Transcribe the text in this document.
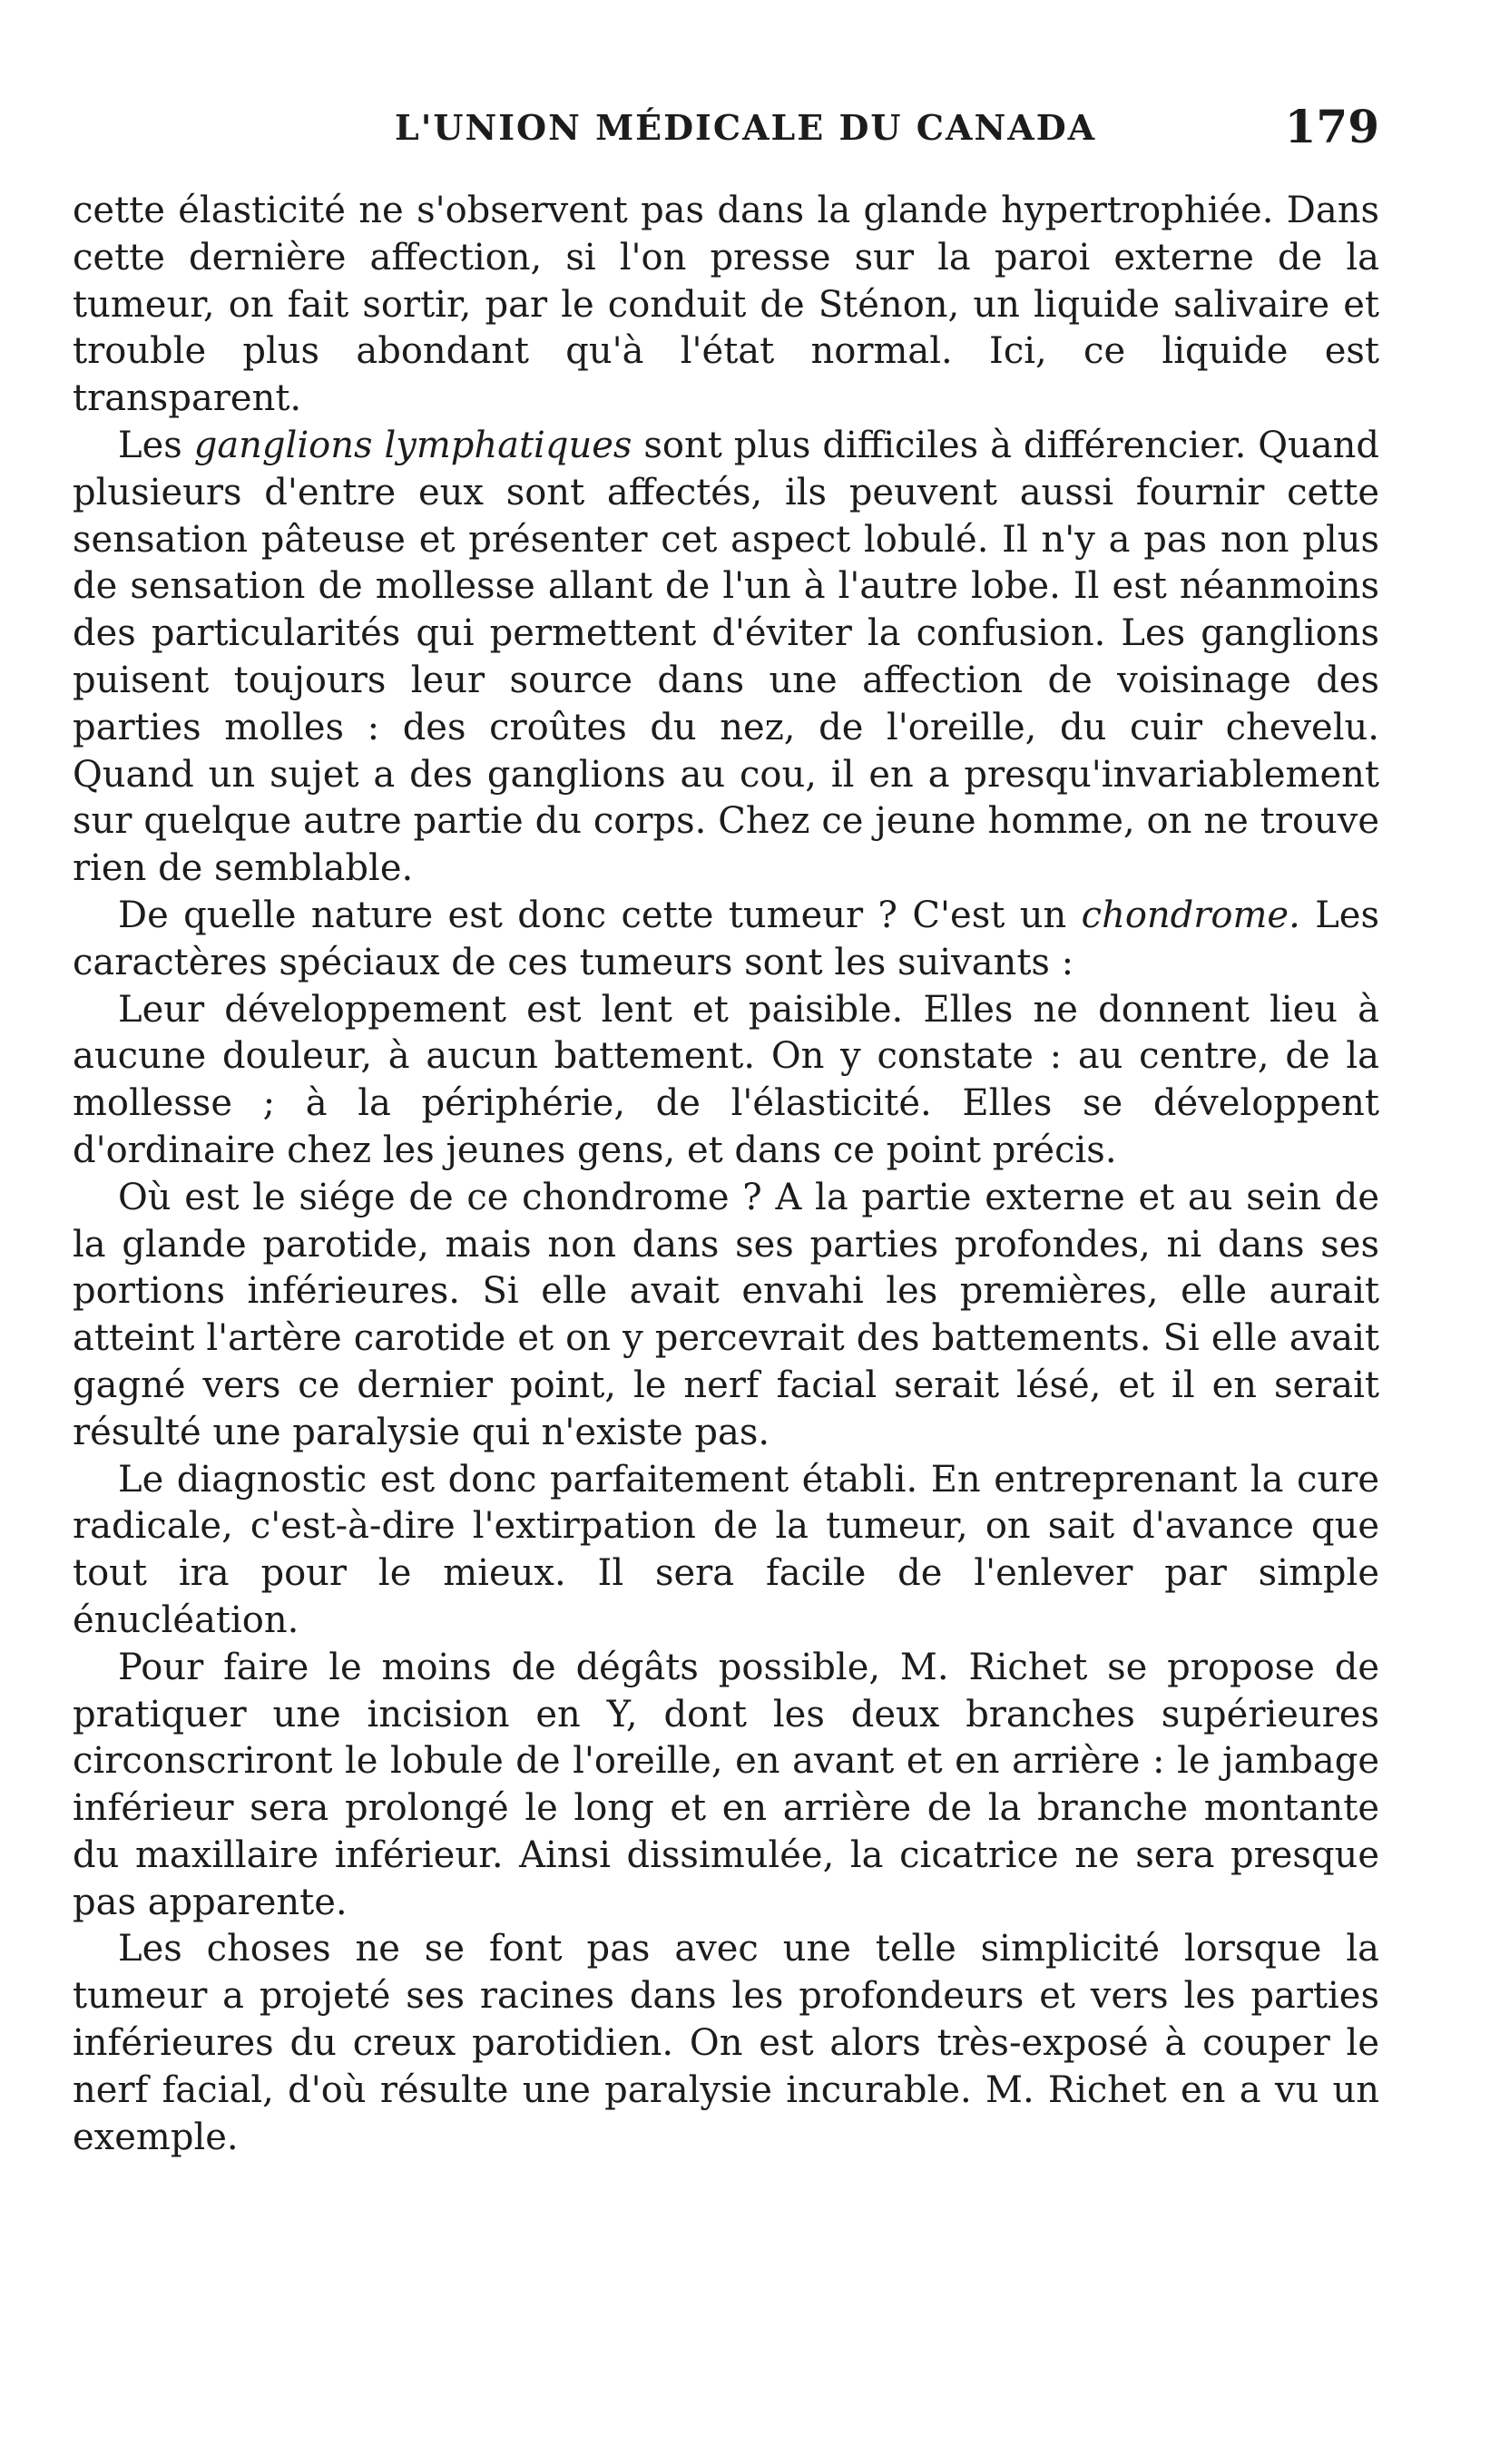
L'UNION MÉDICALE DU CANADA	179

cette élasticité ne s'observent pas dans la glande hypertrophiée. Dans cette dernière affection, si l'on presse sur la paroi externe de la tumeur, on fait sortir, par le conduit de Sténon, un liquide salivaire et trouble plus abondant qu'à l'état normal. Ici, ce liquide est transparent.

Les ganglions lymphatiques sont plus difficiles à différencier. Quand plusieurs d'entre eux sont affectés, ils peuvent aussi fournir cette sensation pâteuse et présenter cet aspect lobulé. Il n'y a pas non plus de sensation de mollesse allant de l'un à l'autre lobe. Il est néanmoins des particularités qui permettent d'éviter la confusion. Les ganglions puisent toujours leur source dans une affection de voisinage des parties molles : des croûtes du nez, de l'oreille, du cuir chevelu. Quand un sujet a des ganglions au cou, il en a presqu'invariablement sur quelque autre partie du corps. Chez ce jeune homme, on ne trouve rien de semblable.

De quelle nature est donc cette tumeur ? C'est un chondrome. Les caractères spéciaux de ces tumeurs sont les suivants :

Leur développement est lent et paisible. Elles ne donnent lieu à aucune douleur, à aucun battement. On y constate : au centre, de la mollesse ; à la périphérie, de l'élasticité. Elles se développent d'ordinaire chez les jeunes gens, et dans ce point précis.

Où est le siége de ce chondrome ? A la partie externe et au sein de la glande parotide, mais non dans ses parties profondes, ni dans ses portions inférieures. Si elle avait envahi les premières, elle aurait atteint l'artère carotide et on y percevrait des battements. Si elle avait gagné vers ce dernier point, le nerf facial serait lésé, et il en serait résulté une paralysie qui n'existe pas.

Le diagnostic est donc parfaitement établi. En entreprenant la cure radicale, c'est-à-dire l'extirpation de la tumeur, on sait d'avance que tout ira pour le mieux. Il sera facile de l'enlever par simple énucléation.

Pour faire le moins de dégâts possible, M. Richet se propose de pratiquer une incision en Y, dont les deux branches supérieures circonscriront le lobule de l'oreille, en avant et en arrière : le jambage inférieur sera prolongé le long et en arrière de la branche montante du maxillaire inférieur. Ainsi dissimulée, la cicatrice ne sera presque pas apparente.

Les choses ne se font pas avec une telle simplicité lorsque la tumeur a projeté ses racines dans les profondeurs et vers les parties inférieures du creux parotidien. On est alors très-exposé à couper le nerf facial, d'où résulte une paralysie incurable. M. Richet en a vu un exemple.
